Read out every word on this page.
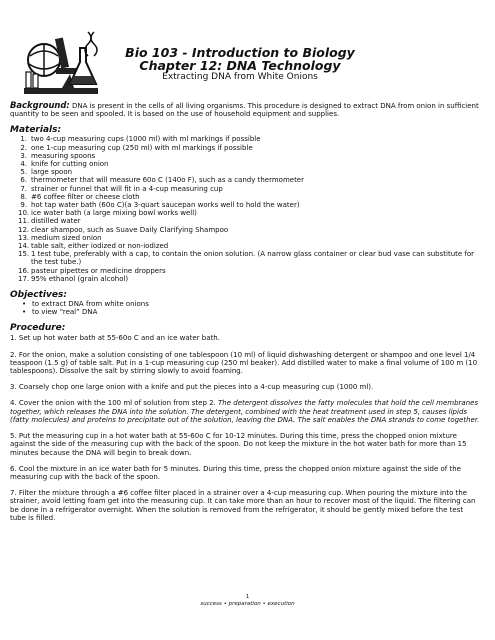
Bio 103 - Introduction to Biology
Chapter 12: DNA Technology
Extracting DNA from White Onions

Background: DNA is present in the cells of all living organisms. This procedure is designed to extract DNA from onion in sufficient quantity to be seen and spooled. It is based on the use of household equipment and supplies.

Materials:
1. two 4-cup measuring cups (1000 ml) with ml markings if possible
2. one 1-cup measuring cup (250 ml) with ml markings if possible
3. measuring spoons
4. knife for cutting onion
5. large spoon
6. thermometer that will measure 60o C (140o F), such as a candy thermometer
7. strainer or funnel that will fit in a 4-cup measuring cup
8. #6 coffee filter or cheese cloth
9. hot tap water bath (60o C)(a 3-quart saucepan works well to hold the water)
10. ice water bath (a large mixing bowl works well)
11. distilled water
12. clear shampoo, such as Suave Daily Clarifying Shampoo
13. medium sized onion
14. table salt, either iodized or non-iodized
15. 1 test tube, preferably with a cap, to contain the onion solution. (A narrow glass container or clear bud vase can substitute for the test tube.)
16. pasteur pipettes or medicine droppers
17. 95% ethanol (grain alcohol)
Objectives:
• to extract DNA from white onions
• to view “real” DNA
Procedure:

1. Set up hot water bath at 55-60o C and an ice water bath.

2. For the onion, make a solution consisting of one tablespoon (10 ml) of liquid dishwashing detergent or shampoo and one level 1/4 teaspoon (1.5 g) of table salt. Put in a 1-cup measuring cup (250 ml beaker). Add distilled water to make a final volume of 100 m (10 tablespoons). Dissolve the salt by stirring slowly to avoid foaming.

3. Coarsely chop one large onion with a knife and put the pieces into a 4-cup measuring cup (1000 ml).

4. Cover the onion with the 100 ml of solution from step 2. The detergent dissolves the fatty molecules that hold the cell membranes together, which releases the DNA into the solution. The detergent, combined with the heat treatment used in step 5, causes lipids (fatty molecules) and proteins to precipitate out of the solution, leaving the DNA. The salt enables the DNA strands to come together.

5. Put the measuring cup in a hot water bath at 55-60o C for 10-12 minutes. During this time, press the chopped onion mixture against the side of the measuring cup with the back of the spoon. Do not keep the mixture in the hot water bath for more than 15 minutes because the DNA will begin to break down.

6. Cool the mixture in an ice water bath for 5 minutes. During this time, press the chopped onion mixture against the side of the measuring cup with the back of the spoon.

7. Filter the mixture through a #6 coffee filter placed in a strainer over a 4-cup measuring cup. When pouring the mixture into the strainer, avoid letting foam get into the measuring cup. It can take more than an hour to recover most of the liquid. The filtering can be done in a refrigerator overnight. When the solution is removed from the refrigerator, it should be gently mixed before the test tube is filled.

1
success • preparation • execution
